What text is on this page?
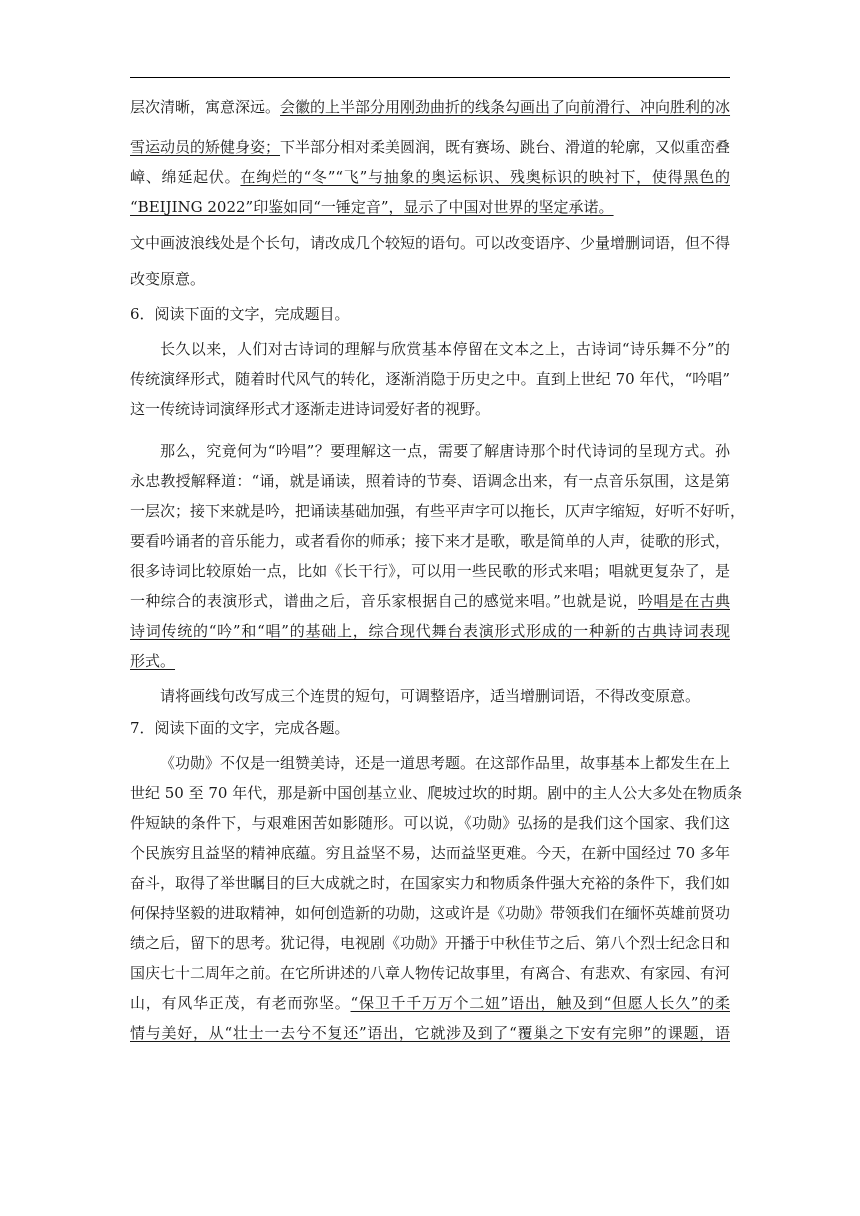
层次清晰，寓意深远。会徽的上半部分用刚劲曲折的线条勾画出了向前滑行、冲向胜利的冰
雪运动员的矫健身姿；下半部分相对柔美圆润，既有赛场、跳台、滑道的轮廓，又似重峦叠
嶂、绵延起伏。在绚烂的“冬”“飞”与抽象的奥运标识、残奥标识的映衬下，使得黑色的
“BEIJING 2022”印鉴如同“一锤定音”，显示了中国对世界的坚定承诺。
文中画波浪线处是个长句，请改成几个较短的语句。可以改变语序、少量增删词语，但不得
改变原意。
6．阅读下面的文字，完成题目。
长久以来，人们对古诗词的理解与欣赏基本停留在文本之上，古诗词“诗乐舞不分”的
传统演绎形式，随着时代风气的转化，逐渐消隐于历史之中。直到上世纪 70 年代，“吟唱”
这一传统诗词演绎形式才逐渐走进诗词爱好者的视野。
那么，究竟何为“吟唱”？要理解这一点，需要了解唐诗那个时代诗词的呈现方式。孙
永忠教授解释道：“诵，就是诵读，照着诗的节奏、语调念出来，有一点音乐氛围，这是第
一层次；接下来就是吟，把诵读基础加强，有些平声字可以拖长，仄声字缩短，好听不好听，
要看吟诵者的音乐能力，或者看你的师承；接下来才是歌，歌是简单的人声，徒歌的形式，
很多诗词比较原始一点，比如《长干行》，可以用一些民歌的形式来唱；唱就更复杂了，是
一种综合的表演形式，谱曲之后，音乐家根据自己的感觉来唱。”也就是说，吟唱是在古典
诗词传统的“吟”和“唱”的基础上，综合现代舞台表演形式形成的一种新的古典诗词表现
形式。
请将画线句改写成三个连贯的短句，可调整语序，适当增删词语，不得改变原意。
7．阅读下面的文字，完成各题。
《功勋》不仅是一组赞美诗，还是一道思考题。在这部作品里，故事基本上都发生在上
世纪 50 至 70 年代，那是新中国创基立业、爬坡过坎的时期。剧中的主人公大多处在物质条
件短缺的条件下，与艰难困苦如影随形。可以说，《功勋》弘扬的是我们这个国家、我们这
个民族穷且益坚的精神底蕴。穷且益坚不易，达而益坚更难。今天，在新中国经过 70 多年
奋斗，取得了举世瞩目的巨大成就之时，在国家实力和物质条件强大充裕的条件下，我们如
何保持坚毅的进取精神，如何创造新的功勋，这或许是《功勋》带领我们在缅怀英雄前贤功
绩之后，留下的思考。犹记得，电视剧《功勋》开播于中秋佳节之后、第八个烈士纪念日和
国庆七十二周年之前。在它所讲述的八章人物传记故事里，有离合、有悲欢、有家园、有河
山，有风华正茂，有老而弥坚。“保卫千千万万个二妞”语出，触及到“但愿人长久”的柔
情与美好，从“壮士一去兮不复还”语出，它就涉及到了“覆巢之下安有完卵”的课题，语
